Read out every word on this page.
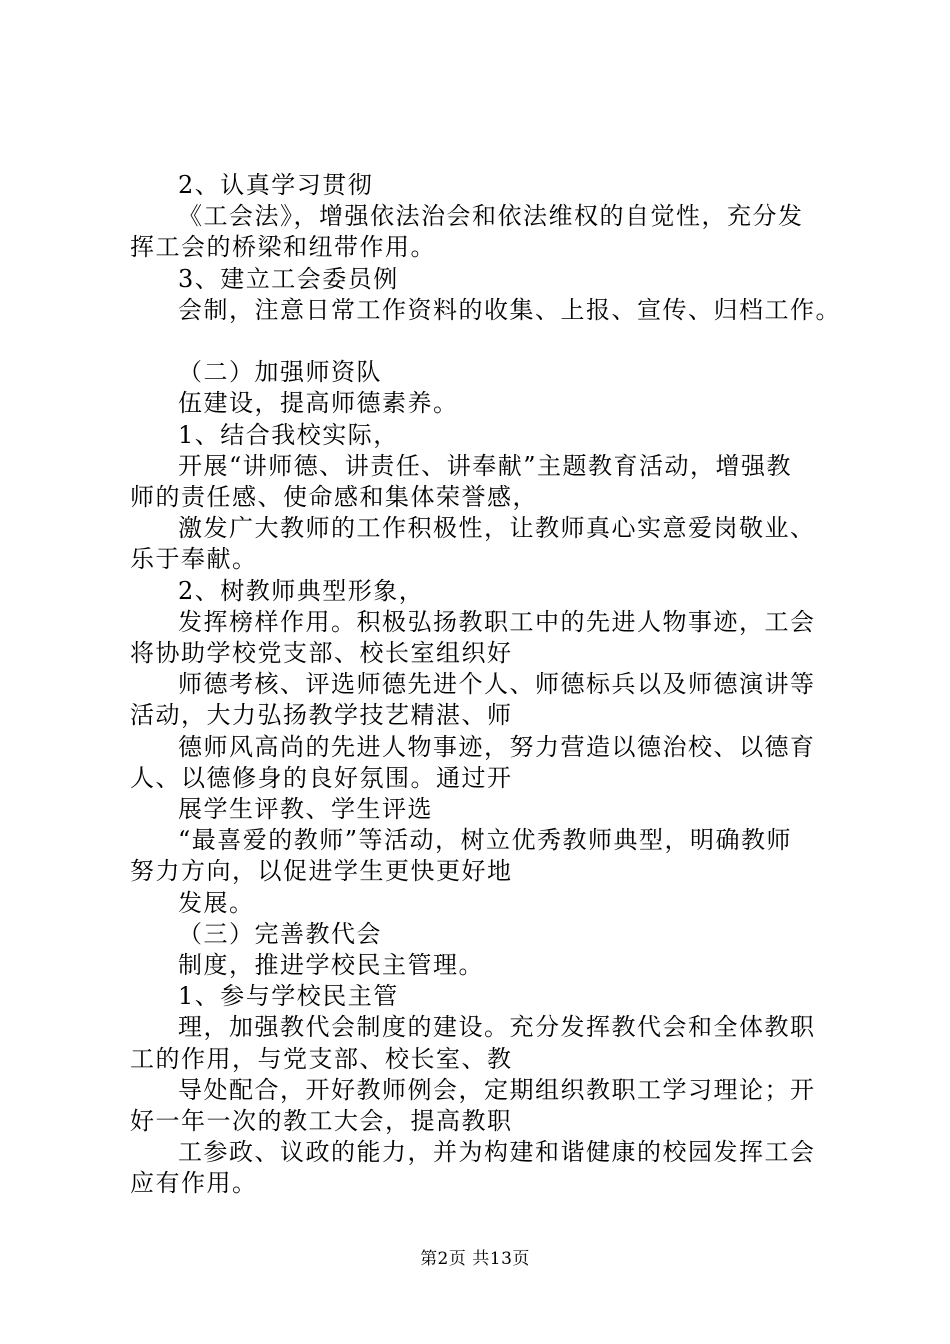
2、认真学习贯彻
《工会法》，增强依法治会和依法维权的自觉性，充分发
挥工会的桥梁和纽带作用。
3、建立工会委员例
会制，注意日常工作资料的收集、上报、宣传、归档工作。
（二）加强师资队
伍建设，提高师德素养。
1、结合我校实际，
开展“讲师德、讲责任、讲奉献”主题教育活动，增强教
师的责任感、使命感和集体荣誉感，
激发广大教师的工作积极性，让教师真心实意爱岗敬业、
乐于奉献。
2、树教师典型形象，
发挥榜样作用。积极弘扬教职工中的先进人物事迹，工会
将协助学校党支部、校长室组织好
师德考核、评选师德先进个人、师德标兵以及师德演讲等
活动，大力弘扬教学技艺精湛、师
德师风高尚的先进人物事迹，努力营造以德治校、以德育
人、以德修身的良好氛围。通过开
展学生评教、学生评选
“最喜爱的教师”等活动，树立优秀教师典型，明确教师
努力方向，以促进学生更快更好地
发展。
（三）完善教代会
制度，推进学校民主管理。
1、参与学校民主管
理，加强教代会制度的建设。充分发挥教代会和全体教职
工的作用，与党支部、校长室、教
导处配合，开好教师例会，定期组织教职工学习理论；开
好一年一次的教工大会，提高教职
工参政、议政的能力，并为构建和谐健康的校园发挥工会
应有作用。
第2页 共13页
